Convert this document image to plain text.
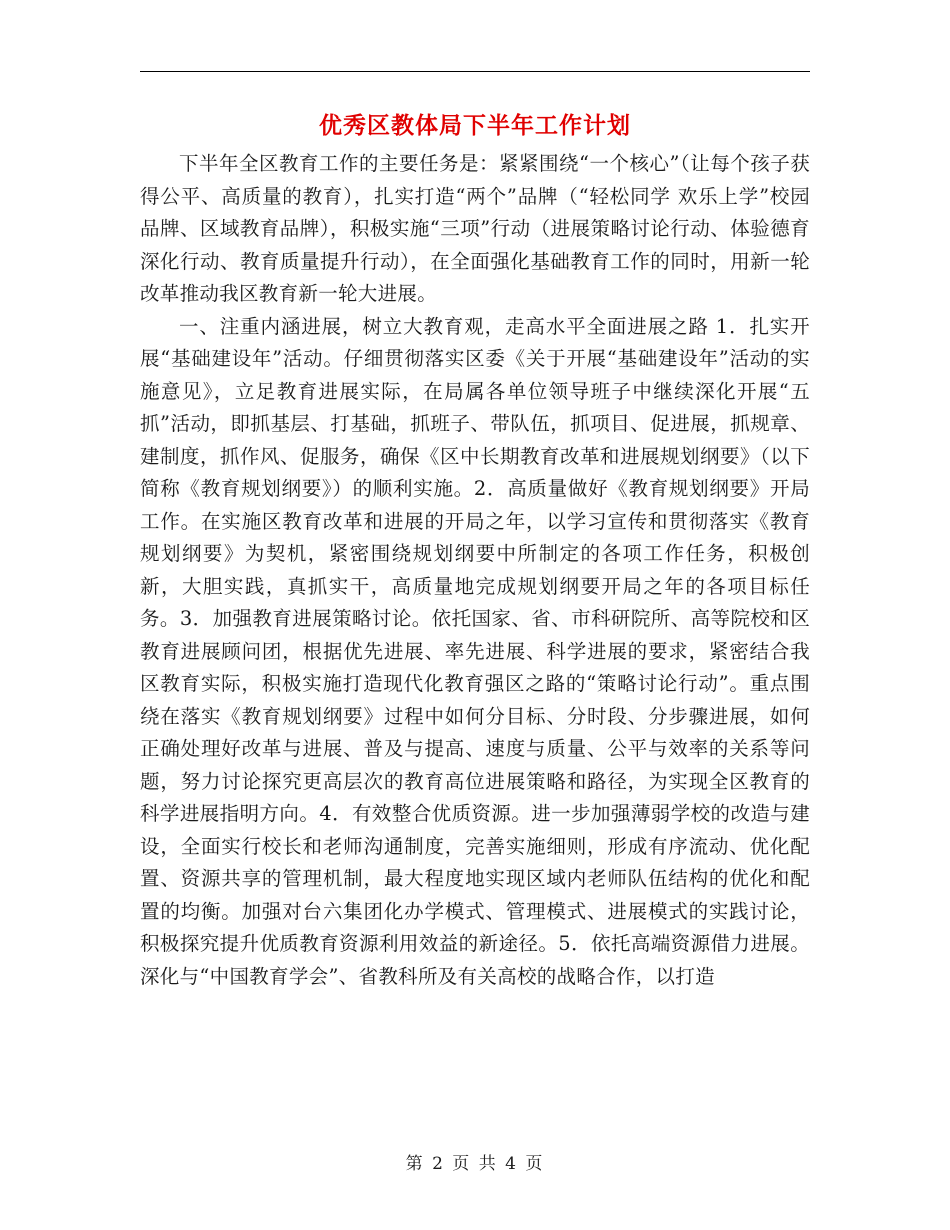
优秀区教体局下半年工作计划

下半年全区教育工作的主要任务是：紧紧围绕“一个核心”（让每个孩子获得公平、高质量的教育），扎实打造“两个”品牌（“轻松同学 欢乐上学”校园品牌、区域教育品牌），积极实施“三项”行动（进展策略讨论行动、体验德育深化行动、教育质量提升行动），在全面强化基础教育工作的同时，用新一轮改革推动我区教育新一轮大进展。

一、注重内涵进展，树立大教育观，走高水平全面进展之路 1．扎实开展“基础建设年”活动。仔细贯彻落实区委《关于开展“基础建设年”活动的实施意见》，立足教育进展实际，在局属各单位领导班子中继续深化开展“五抓”活动，即抓基层、打基础，抓班子、带队伍，抓项目、促进展，抓规章、建制度，抓作风、促服务，确保《区中长期教育改革和进展规划纲要》（以下简称《教育规划纲要》）的顺利实施。2．高质量做好《教育规划纲要》开局工作。在实施区教育改革和进展的开局之年，以学习宣传和贯彻落实《教育规划纲要》为契机，紧密围绕规划纲要中所制定的各项工作任务，积极创新，大胆实践，真抓实干，高质量地完成规划纲要开局之年的各项目标任务。3．加强教育进展策略讨论。依托国家、省、市科研院所、高等院校和区教育进展顾问团，根据优先进展、率先进展、科学进展的要求，紧密结合我区教育实际，积极实施打造现代化教育强区之路的“策略讨论行动”。重点围绕在落实《教育规划纲要》过程中如何分目标、分时段、分步骤进展，如何正确处理好改革与进展、普及与提高、速度与质量、公平与效率的关系等问题，努力讨论探究更高层次的教育高位进展策略和路径，为实现全区教育的科学进展指明方向。4．有效整合优质资源。进一步加强薄弱学校的改造与建设，全面实行校长和老师沟通制度，完善实施细则，形成有序流动、优化配置、资源共享的管理机制，最大程度地实现区域内老师队伍结构的优化和配置的均衡。加强对台六集团化办学模式、管理模式、进展模式的实践讨论，积极探究提升优质教育资源利用效益的新途径。5．依托高端资源借力进展。深化与“中国教育学会”、省教科所及有关高校的战略合作，以打造

第 2 页 共 4 页
